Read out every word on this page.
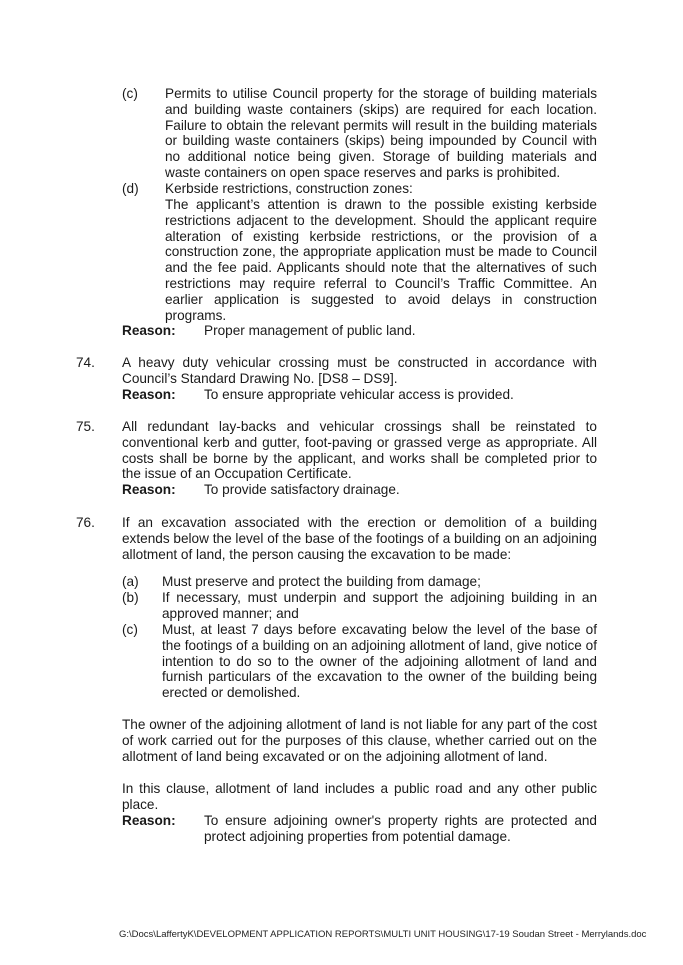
(c) Permits to utilise Council property for the storage of building materials and building waste containers (skips) are required for each location. Failure to obtain the relevant permits will result in the building materials or building waste containers (skips) being impounded by Council with no additional notice being given. Storage of building materials and waste containers on open space reserves and parks is prohibited.

(d) Kerbside restrictions, construction zones:

The applicant’s attention is drawn to the possible existing kerbside restrictions adjacent to the development. Should the applicant require alteration of existing kerbside restrictions, or the provision of a construction zone, the appropriate application must be made to Council and the fee paid. Applicants should note that the alternatives of such restrictions may require referral to Council’s Traffic Committee. An earlier application is suggested to avoid delays in construction programs.

Reason: Proper management of public land.
74. A heavy duty vehicular crossing must be constructed in accordance with Council’s Standard Drawing No. [DS8 – DS9].

Reason: To ensure appropriate vehicular access is provided.
75. All redundant lay-backs and vehicular crossings shall be reinstated to conventional kerb and gutter, foot-paving or grassed verge as appropriate. All costs shall be borne by the applicant, and works shall be completed prior to the issue of an Occupation Certificate.

Reason: To provide satisfactory drainage.
76. If an excavation associated with the erection or demolition of a building extends below the level of the base of the footings of a building on an adjoining allotment of land, the person causing the excavation to be made:

(a) Must preserve and protect the building from damage;

(b) If necessary, must underpin and support the adjoining building in an approved manner; and

(c) Must, at least 7 days before excavating below the level of the base of the footings of a building on an adjoining allotment of land, give notice of intention to do so to the owner of the adjoining allotment of land and furnish particulars of the excavation to the owner of the building being erected or demolished.

The owner of the adjoining allotment of land is not liable for any part of the cost of work carried out for the purposes of this clause, whether carried out on the allotment of land being excavated or on the adjoining allotment of land.

In this clause, allotment of land includes a public road and any other public place.

Reason: To ensure adjoining owner's property rights are protected and protect adjoining properties from potential damage.

G:\Docs\LaffertyK\DEVELOPMENT APPLICATION REPORTS\MULTI UNIT HOUSING\17-19 Soudan Street - Merrylands.doc
